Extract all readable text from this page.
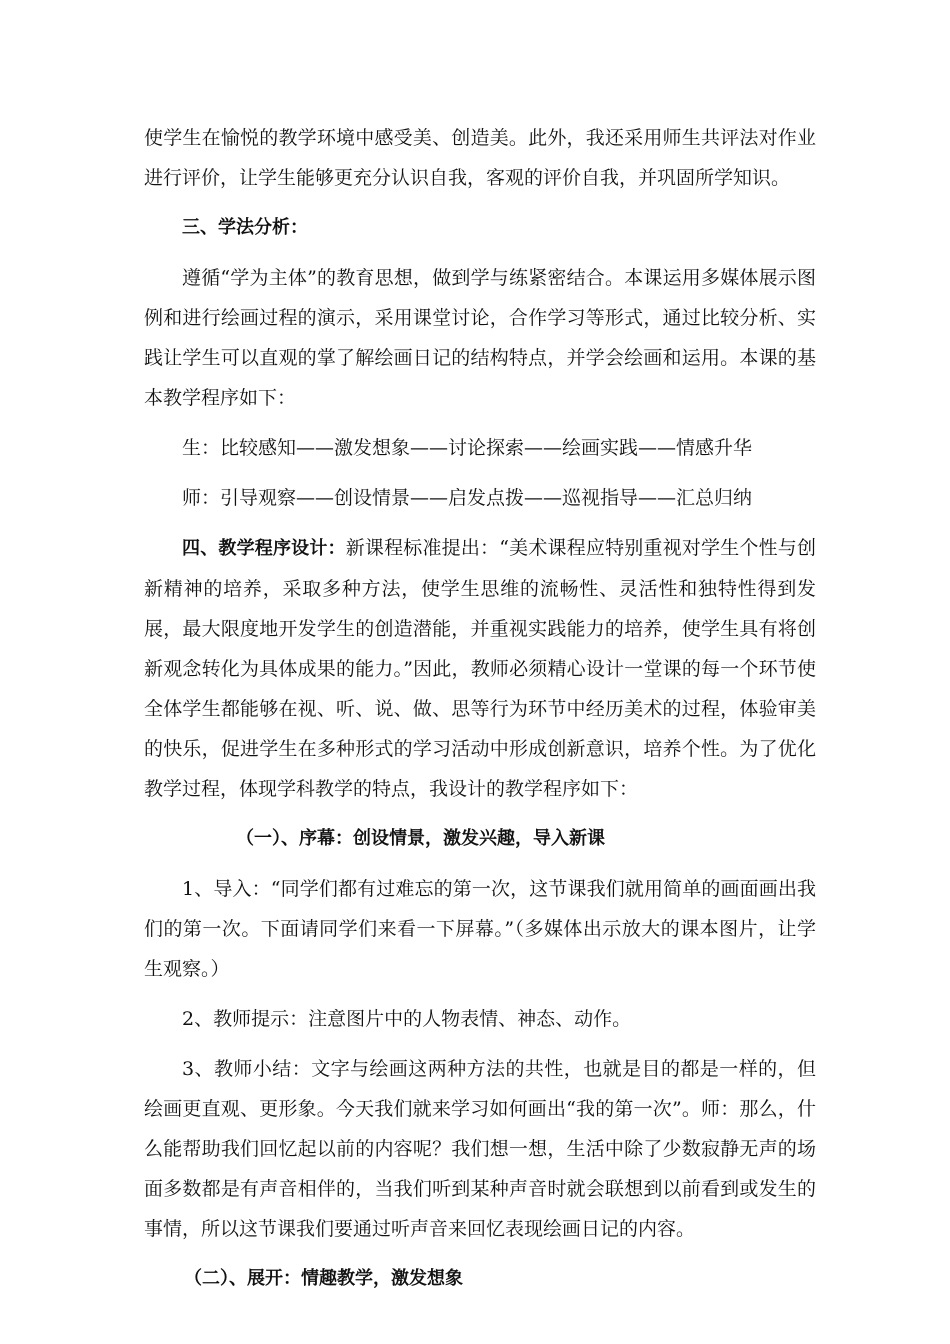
使学生在愉悦的教学环境中感受美、创造美。此外，我还采用师生共评法对作业进行评价，让学生能够更充分认识自我，客观的评价自我，并巩固所学知识。

三、学法分析：

遵循“学为主体”的教育思想，做到学与练紧密结合。本课运用多媒体展示图例和进行绘画过程的演示，采用课堂讨论，合作学习等形式，通过比较分析、实践让学生可以直观的掌了解绘画日记的结构特点，并学会绘画和运用。本课的基本教学程序如下：

生：比较感知——激发想象——讨论探索——绘画实践——情感升华

师：引导观察——创设情景——启发点拨——巡视指导——汇总归纳

四、教学程序设计：新课程标准提出：“美术课程应特别重视对学生个性与创新精神的培养，采取多种方法，使学生思维的流畅性、灵活性和独特性得到发展，最大限度地开发学生的创造潜能，并重视实践能力的培养，使学生具有将创新观念转化为具体成果的能力。”因此，教师必须精心设计一堂课的每一个环节使全体学生都能够在视、听、说、做、思等行为环节中经历美术的过程，体验审美的快乐，促进学生在多种形式的学习活动中形成创新意识，培养个性。为了优化教学过程，体现学科教学的特点，我设计的教学程序如下：

（一）、序幕：创设情景，激发兴趣，导入新课

1、导入：“同学们都有过难忘的第一次，这节课我们就用简单的画面画出我们的第一次。下面请同学们来看一下屏幕。”（多媒体出示放大的课本图片，让学生观察。）

2、教师提示：注意图片中的人物表情、神态、动作。

3、教师小结：文字与绘画这两种方法的共性，也就是目的都是一样的，但绘画更直观、更形象。今天我们就来学习如何画出“我的第一次”。师：那么，什么能帮助我们回忆起以前的内容呢？我们想一想，生活中除了少数寂静无声的场面多数都是有声音相伴的，当我们听到某种声音时就会联想到以前看到或发生的事情，所以这节课我们要通过听声音来回忆表现绘画日记的内容。

（二）、展开：情趣教学，激发想象
